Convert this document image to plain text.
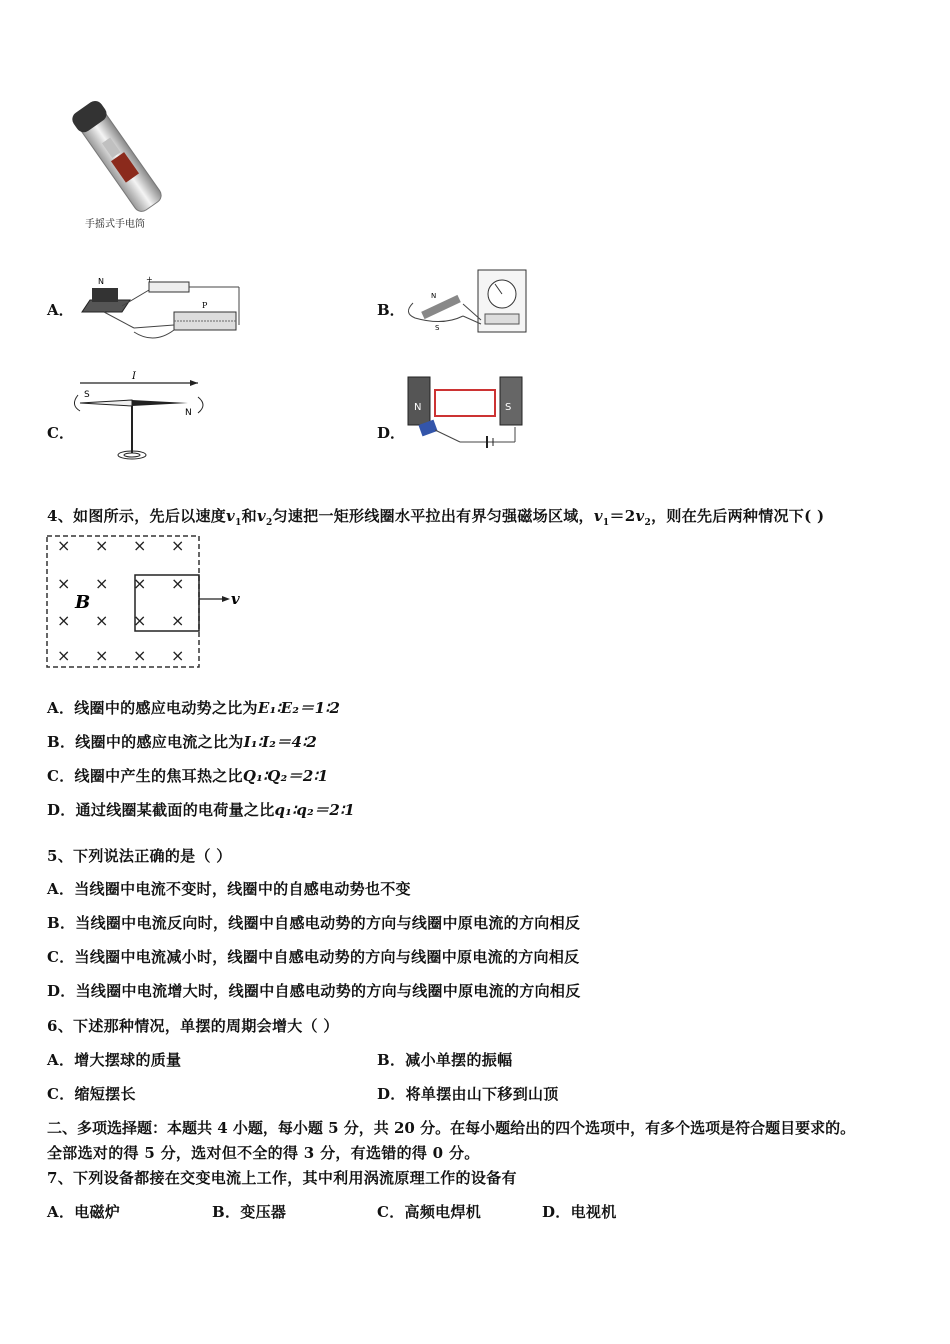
手摇式手电筒
A．
N	+
P	B．
N
S
C．
I
S
N
D．
N	S
4、如图所示，先后以速度$v_1$和$v_2$匀速把一矩形线圈水平拉出有界匀强磁场区域，$v_1=2v_2$，则在先后两种情况下( )
× × × ×
× × × ×
× × × ×
× × × ×
v
B
A．线圈中的感应电动势之比为E₁∶E₂＝1∶2
B．线圈中的感应电流之比为I₁∶I₂＝4∶2
C．线圈中产生的焦耳热之比Q₁∶Q₂＝2∶1
D．通过线圈某截面的电荷量之比q₁∶q₂＝2∶1
5、下列说法正确的是（ ）
A．当线圈中电流不变时，线圈中的自感电动势也不变
B．当线圈中电流反向时，线圈中自感电动势的方向与线圈中原电流的方向相反
C．当线圈中电流减小时，线圈中自感电动势的方向与线圈中原电流的方向相反
D．当线圈中电流增大时，线圈中自感电动势的方向与线圈中原电流的方向相反
6、下述那种情况，单摆的周期会增大（ ）
A．增大摆球的质量	B．减小单摆的振幅
C．缩短摆长	D．将单摆由山下移到山顶
二、多项选择题：本题共 4 小题，每小题 5 分，共 20 分。在每小题给出的四个选项中，有多个选项是符合题目要求的。
全部选对的得 5 分，选对但不全的得 3 分，有选错的得 0 分。
7、下列设备都接在交变电流上工作，其中利用涡流原理工作的设备有
A．电磁炉	B．变压器	C．高频电焊机	D．电视机
